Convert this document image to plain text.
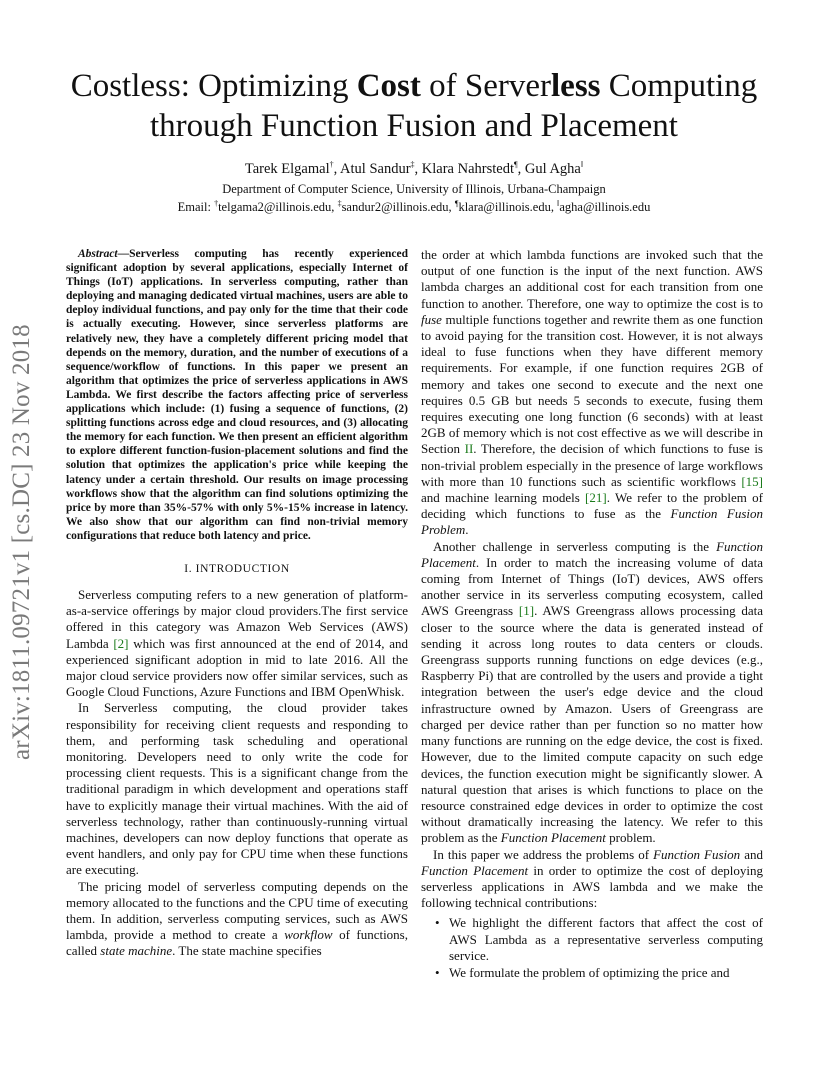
arXiv:1811.09721v1 [cs.DC] 23 Nov 2018
Costless: Optimizing Cost of Serverless Computing
through Function Fusion and Placement
Tarek Elgamal†, Atul Sandur‡, Klara Nahrstedt¶, Gul Agha‖
Department of Computer Science, University of Illinois, Urbana-Champaign
Email: †telgama2@illinois.edu, ‡sandur2@illinois.edu, ¶klara@illinois.edu, ‖agha@illinois.edu

Abstract—Serverless computing has recently experienced significant adoption by several applications, especially Internet of Things (IoT) applications. In serverless computing, rather than deploying and managing dedicated virtual machines, users are able to deploy individual functions, and pay only for the time that their code is actually executing. However, since serverless platforms are relatively new, they have a completely different pricing model that depends on the memory, duration, and the number of executions of a sequence/workflow of functions. In this paper we present an algorithm that optimizes the price of serverless applications in AWS Lambda. We first describe the factors affecting price of serverless applications which include: (1) fusing a sequence of functions, (2) splitting functions across edge and cloud resources, and (3) allocating the memory for each function. We then present an efficient algorithm to explore different function-fusion-placement solutions and find the solution that optimizes the application's price while keeping the latency under a certain threshold. Our results on image processing workflows show that the algorithm can find solutions optimizing the price by more than 35%-57% with only 5%-15% increase in latency. We also show that our algorithm can find non-trivial memory configurations that reduce both latency and price.

I. INTRODUCTION

Serverless computing refers to a new generation of platform-as-a-service offerings by major cloud providers.The first service offered in this category was Amazon Web Services (AWS) Lambda [2] which was first announced at the end of 2014, and experienced significant adoption in mid to late 2016. All the major cloud service providers now offer similar services, such as Google Cloud Functions, Azure Functions and IBM OpenWhisk.

In Serverless computing, the cloud provider takes responsibility for receiving client requests and responding to them, and performing task scheduling and operational monitoring. Developers need to only write the code for processing client requests. This is a significant change from the traditional paradigm in which development and operations staff have to explicitly manage their virtual machines. With the aid of serverless technology, rather than continuously-running virtual machines, developers can now deploy functions that operate as event handlers, and only pay for CPU time when these functions are executing.

The pricing model of serverless computing depends on the memory allocated to the functions and the CPU time of executing them. In addition, serverless computing services, such as AWS lambda, provide a method to create a workflow of functions, called state machine. The state machine specifies

the order at which lambda functions are invoked such that the output of one function is the input of the next function. AWS lambda charges an additional cost for each transition from one function to another. Therefore, one way to optimize the cost is to fuse multiple functions together and rewrite them as one function to avoid paying for the transition cost. However, it is not always ideal to fuse functions when they have different memory requirements. For example, if one function requires 2GB of memory and takes one second to execute and the next one requires 0.5 GB but needs 5 seconds to execute, fusing them requires executing one long function (6 seconds) with at least 2GB of memory which is not cost effective as we will describe in Section II. Therefore, the decision of which functions to fuse is non-trivial problem especially in the presence of large workflows with more than 10 functions such as scientific workflows [15] and machine learning models [21]. We refer to the problem of deciding which functions to fuse as the Function Fusion Problem.

Another challenge in serverless computing is the Function Placement. In order to match the increasing volume of data coming from Internet of Things (IoT) devices, AWS offers another service in its serverless computing ecosystem, called AWS Greengrass [1]. AWS Greengrass allows processing data closer to the source where the data is generated instead of sending it across long routes to data centers or clouds. Greengrass supports running functions on edge devices (e.g., Raspberry Pi) that are controlled by the users and provide a tight integration between the user's edge device and the cloud infrastructure owned by Amazon. Users of Greengrass are charged per device rather than per function so no matter how many functions are running on the edge device, the cost is fixed. However, due to the limited compute capacity on such edge devices, the function execution might be significantly slower. A natural question that arises is which functions to place on the resource constrained edge devices in order to optimize the cost without dramatically increasing the latency. We refer to this problem as the Function Placement problem.

In this paper we address the problems of Function Fusion and Function Placement in order to optimize the cost of deploying serverless applications in AWS lambda and we make the following technical contributions:

• We highlight the different factors that affect the cost of AWS Lambda as a representative serverless computing service.
• We formulate the problem of optimizing the price and
